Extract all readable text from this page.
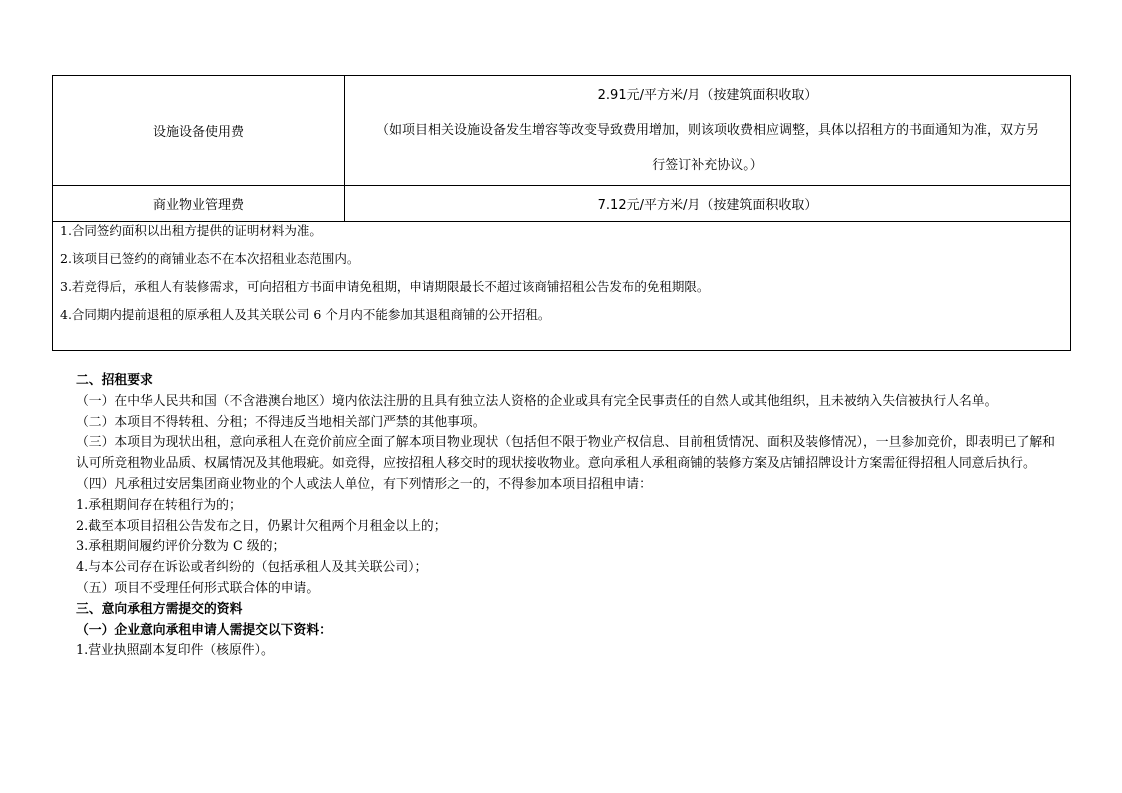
设施设备使用费	2.91元/平方米/月（按建筑面积收取）
（如项目相关设施设备发生增容等改变导致费用增加，则该项收费相应调整，具体以招租方的书面通知为准，双方另
行签订补充协议。）

商业物业管理费	7.12元/平方米/月（按建筑面积收取）

1.合同签约面积以出租方提供的证明材料为准。
2.该项目已签约的商铺业态不在本次招租业态范围内。
3.若竞得后，承租人有装修需求，可向招租方书面申请免租期，申请期限最长不超过该商铺招租公告发布的免租期限。
4.合同期内提前退租的原承租人及其关联公司 6 个月内不能参加其退租商铺的公开招租。	

二、招租要求

（一）在中华人民共和国（不含港澳台地区）境内依法注册的且具有独立法人资格的企业或具有完全民事责任的自然人或其他组织，且未被纳入失信被执行人名单。

（二）本项目不得转租、分租；不得违反当地相关部门严禁的其他事项。

（三）本项目为现状出租，意向承租人在竞价前应全面了解本项目物业现状（包括但不限于物业产权信息、目前租赁情况、面积及装修情况），一旦参加竞价，即表明已了解和认可所竞租物业品质、权属情况及其他瑕疵。如竞得，应按招租人移交时的现状接收物业。意向承租人承租商铺的装修方案及店铺招牌设计方案需征得招租人同意后执行。

（四）凡承租过安居集团商业物业的个人或法人单位，有下列情形之一的，不得参加本项目招租申请：

1.承租期间存在转租行为的；

2.截至本项目招租公告发布之日，仍累计欠租两个月租金以上的；

3.承租期间履约评价分数为 C 级的；

4.与本公司存在诉讼或者纠纷的（包括承租人及其关联公司）；

（五）项目不受理任何形式联合体的申请。

三、意向承租方需提交的资料

（一）企业意向承租申请人需提交以下资料：

1.营业执照副本复印件（核原件）。
